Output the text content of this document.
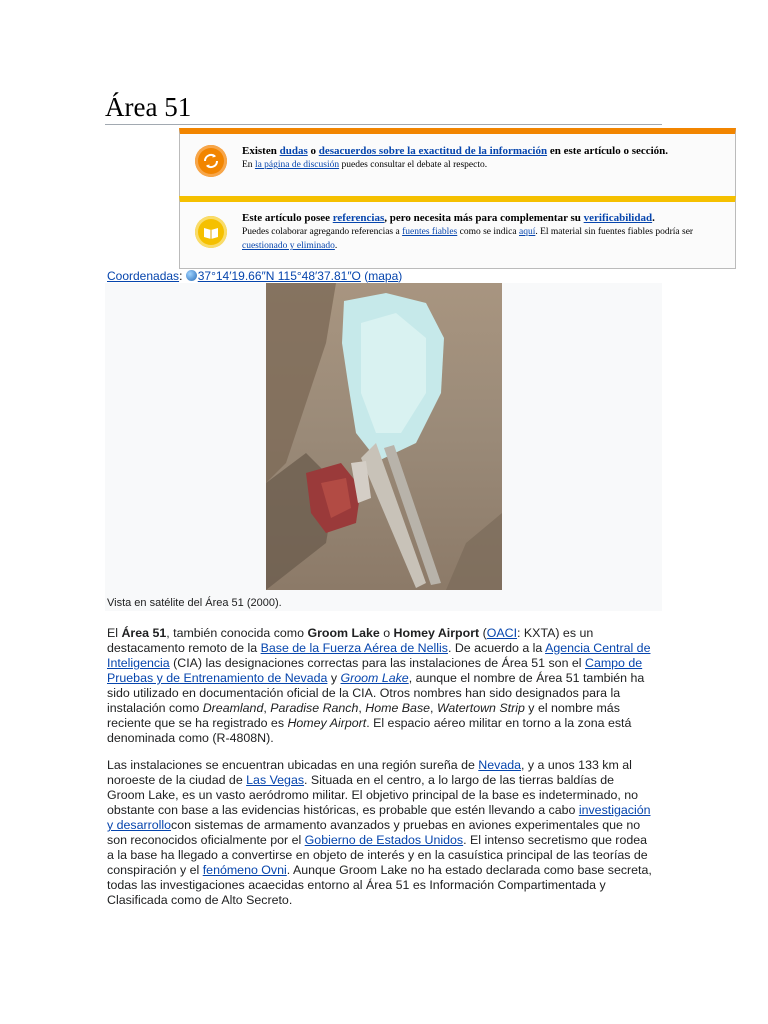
Área 51
Existen dudas o desacuerdos sobre la exactitud de la información en este artículo o sección.
En la página de discusión puedes consultar el debate al respecto.
Este artículo posee referencias, pero necesita más para complementar su verificabilidad.
Puedes colaborar agregando referencias a fuentes fiables como se indica aquí. El material sin fuentes fiables podría ser cuestionado y eliminado.
Coordenadas: 37°14′19.66″N 115°48′37.81″O (mapa)
Vista en satélite del Área 51 (2000).

El Área 51, también conocida como Groom Lake o Homey Airport (OACI: KXTA) es un destacamento remoto de la Base de la Fuerza Aérea de Nellis. De acuerdo a la Agencia Central de Inteligencia (CIA) las designaciones correctas para las instalaciones de Área 51 son el Campo de Pruebas y de Entrenamiento de Nevada y Groom Lake, aunque el nombre de Área 51 también ha sido utilizado en documentación oficial de la CIA. Otros nombres han sido designados para la instalación como Dreamland, Paradise Ranch, Home Base, Watertown Strip y el nombre más reciente que se ha registrado es Homey Airport. El espacio aéreo militar en torno a la zona está denominada como (R-4808N).

Las instalaciones se encuentran ubicadas en una región sureña de Nevada, y a unos 133 km al noroeste de la ciudad de Las Vegas. Situada en el centro, a lo largo de las tierras baldías de Groom Lake, es un vasto aeródromo militar. El objetivo principal de la base es indeterminado, no obstante con base a las evidencias históricas, es probable que estén llevando a cabo investigación y desarrollocon sistemas de armamento avanzados y pruebas en aviones experimentales que no son reconocidos oficialmente por el Gobierno de Estados Unidos. El intenso secretismo que rodea a la base ha llegado a convertirse en objeto de interés y en la casuística principal de las teorías de conspiración y el fenómeno Ovni. Aunque Groom Lake no ha estado declarada como base secreta, todas las investigaciones acaecidas entorno al Área 51 es Información Compartimentada y Clasificada como de Alto Secreto.
